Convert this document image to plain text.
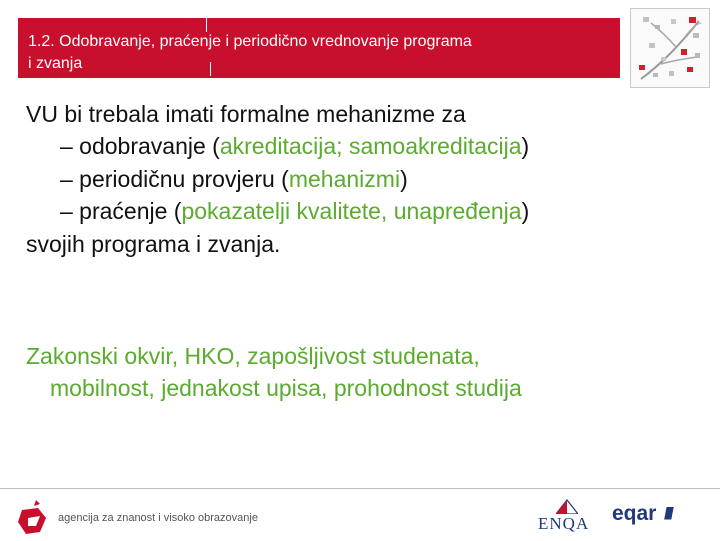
1.2. Odobravanje, praćenje i periodično vrednovanje programa

i zvanja

VU bi trebala imati formalne mehanizme za

– odobravanje (akreditacija; samoakreditacija)

– periodičnu provjeru (mehanizmi)

– praćenje (pokazatelji kvalitete, unapređenja)

svojih programa i zvanja.

Zakonski okvir, HKO, zapošljivost studenata,

mobilnost, jednakost upisa, prohodnost studija

agencija za znanost i visoko obrazovanje	ENQA eqar ////
